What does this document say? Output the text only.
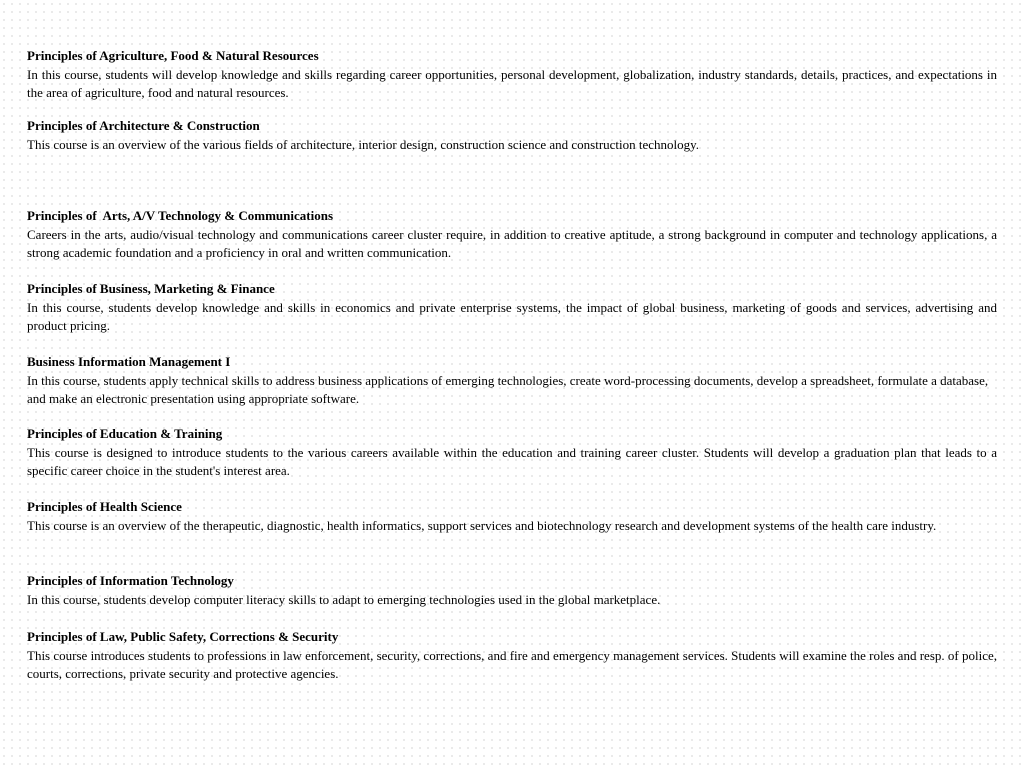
Principles of Agriculture, Food & Natural Resources

In this course, students will develop knowledge and skills regarding career opportunities, personal development, globalization, industry standards, details, practices, and expectations in the area of agriculture, food and natural resources.

Principles of Architecture & Construction

This course is an overview of the various fields of architecture, interior design, construction science and construction technology.

Principles of  Arts, A/V Technology & Communications

Careers in the arts, audio/visual technology and communications career cluster require, in addition to creative aptitude, a strong background in computer and technology applications, a strong academic foundation and a proficiency in oral and written communication.

Principles of Business, Marketing & Finance

In this course, students develop knowledge and skills in economics and private enterprise systems, the impact of global business, marketing of goods and services, advertising and product pricing.

Business Information Management I

In this course, students apply technical skills to address business applications of emerging technologies, create word-processing documents, develop a spreadsheet, formulate a database, and make an electronic presentation using appropriate software.

Principles of Education & Training

This course is designed to introduce students to the various careers available within the education and training career cluster. Students will develop a graduation plan that leads to a specific career choice in the student's interest area.

Principles of Health Science

This course is an overview of the therapeutic, diagnostic, health informatics, support services and biotechnology research and development systems of the health care industry.

Principles of Information Technology

In this course, students develop computer literacy skills to adapt to emerging technologies used in the global marketplace.

Principles of Law, Public Safety, Corrections & Security

This course introduces students to professions in law enforcement, security, corrections, and fire and emergency management services. Students will examine the roles and resp. of police, courts, corrections, private security and protective agencies.
